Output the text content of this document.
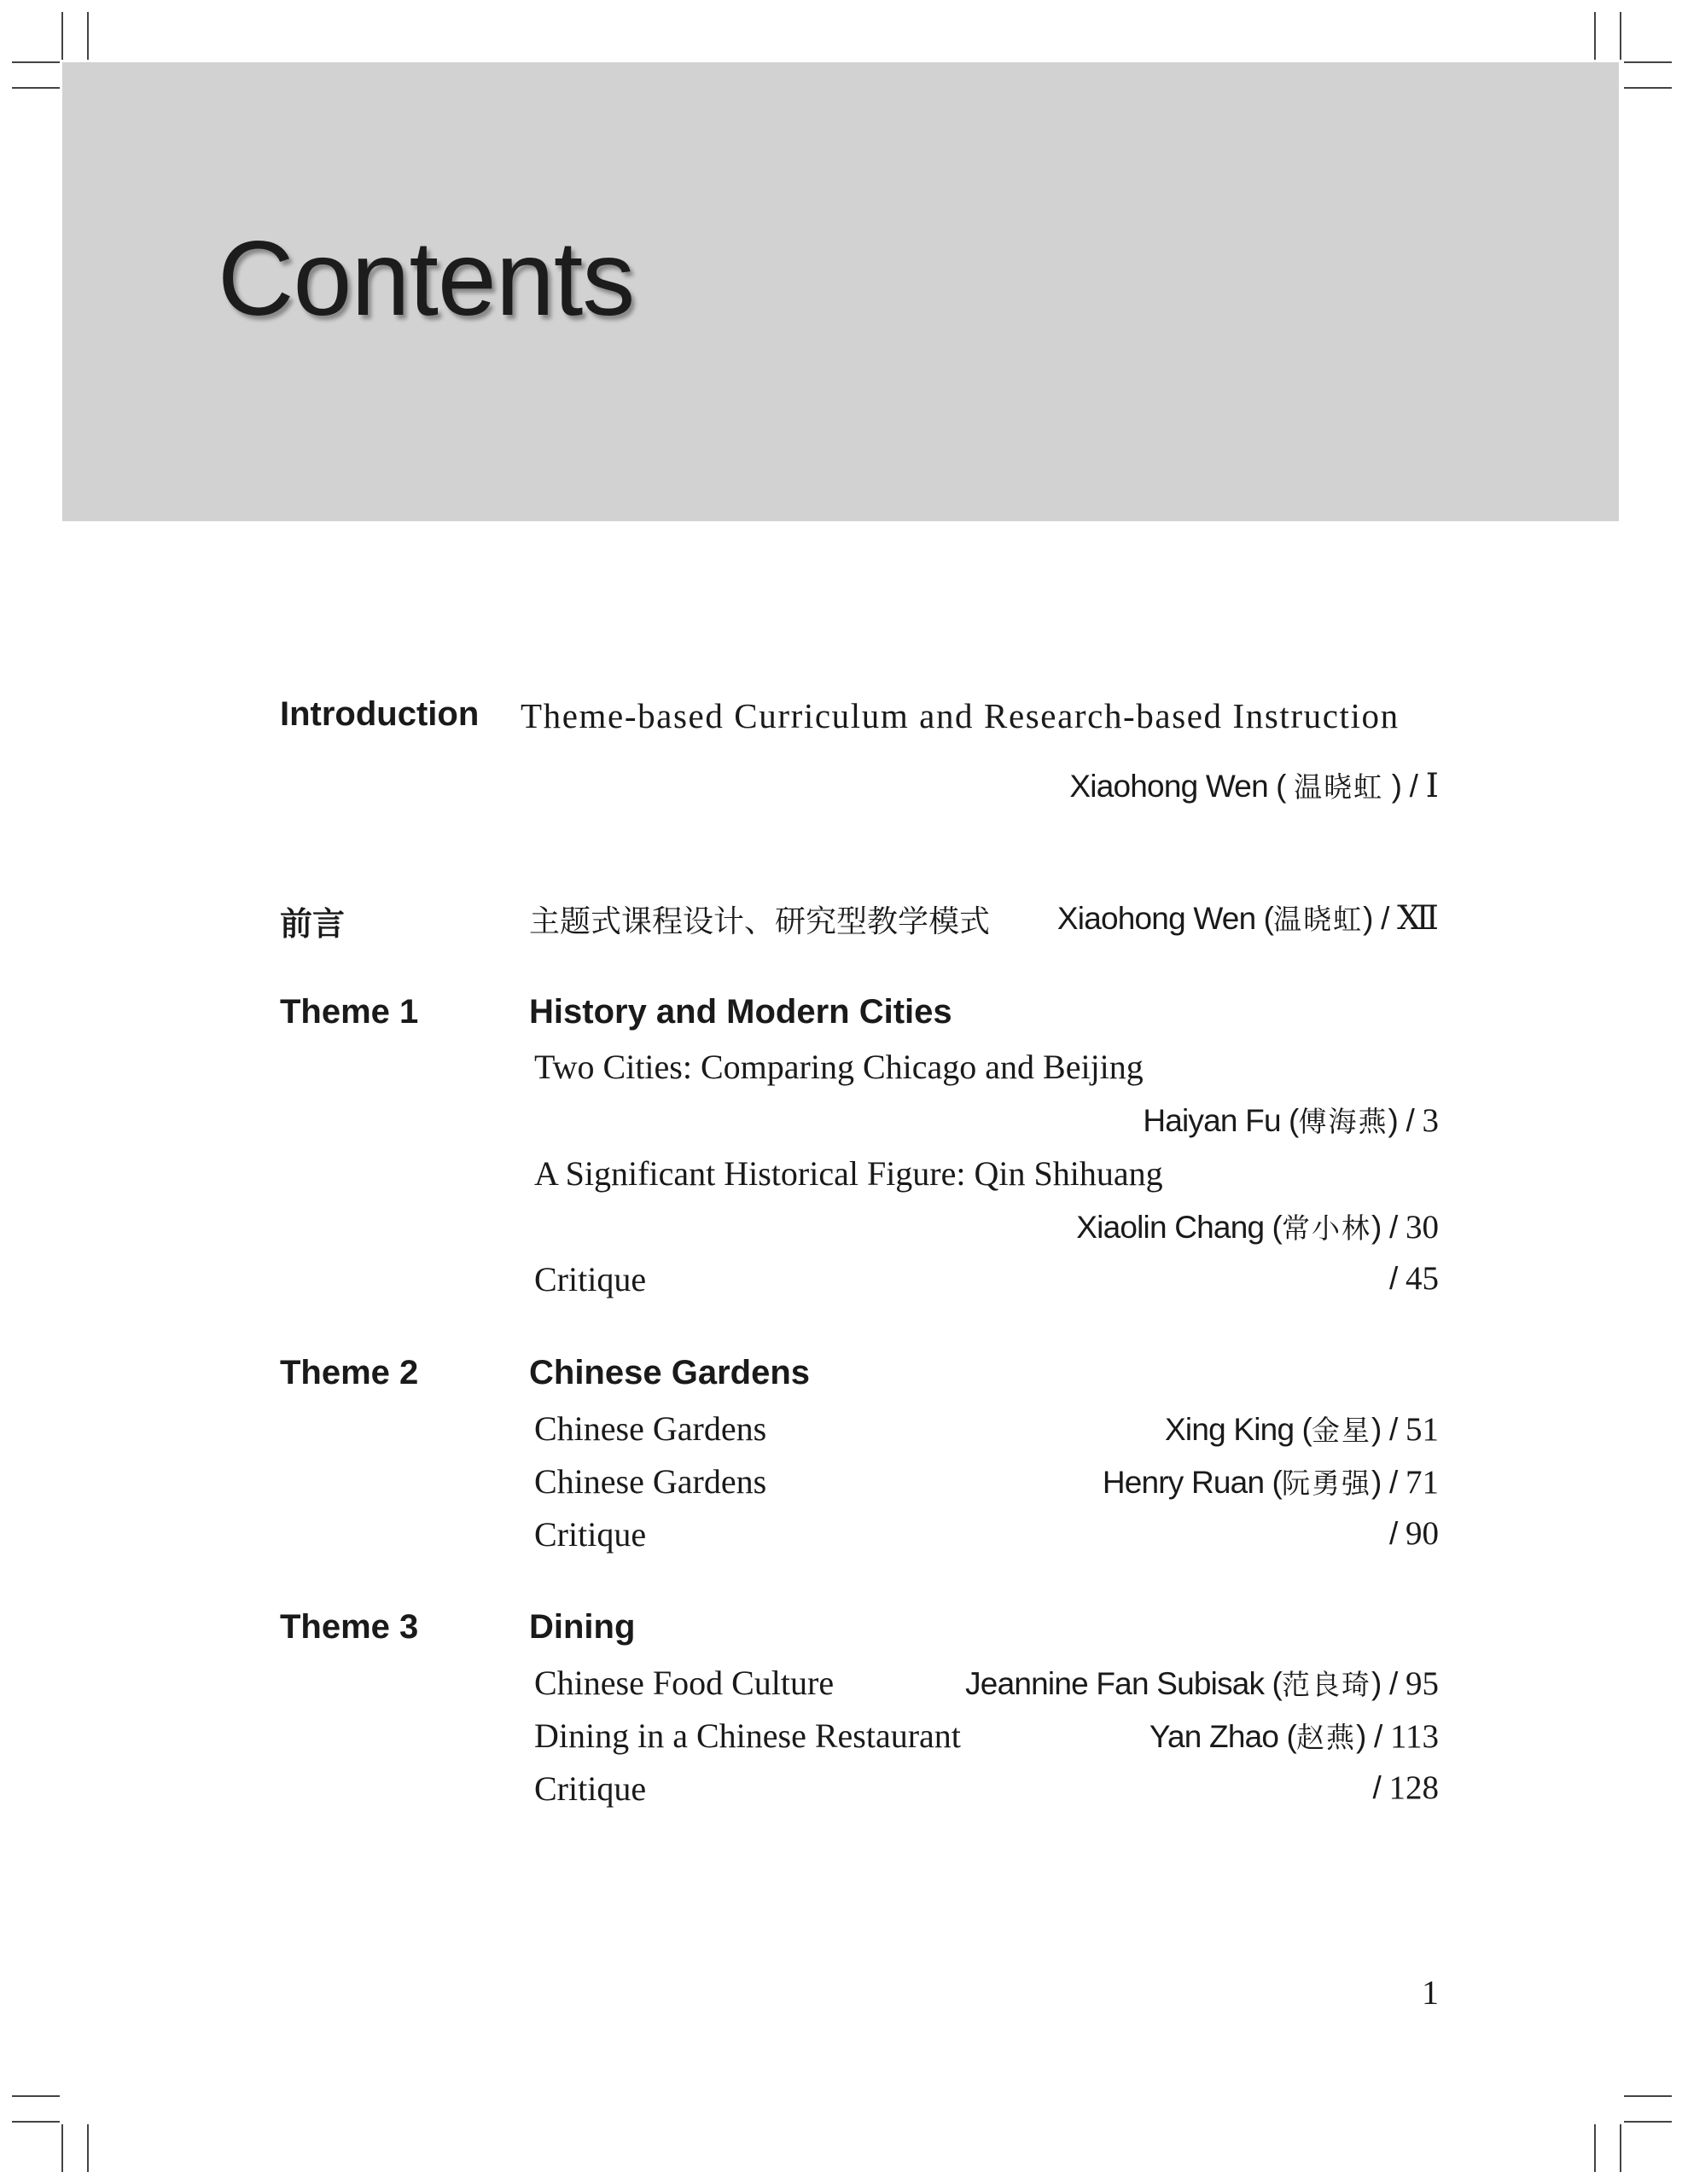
Contents
Introduction Theme-based Curriculum and Research-based Instruction
Xiaohong Wen ( 温晓虹 ) / Ⅰ
前言	主题式课程设计、研究型教学模式 Xiaohong Wen (温晓虹) / Ⅻ
Theme 1	History and Modern Cities
Two Cities: Comparing Chicago and Beijing
Haiyan Fu (傅海燕) / 3
A Significant Historical Figure: Qin Shihuang
Xiaolin Chang (常小林) / 30
Critique	/ 45
Theme 2	Chinese Gardens
Chinese Gardens	Xing King (金星) / 51
Chinese Gardens	Henry Ruan (阮勇强) / 71
Critique	/ 90
Theme 3	Dining
Chinese Food Culture	Jeannine Fan Subisak (范良琦) / 95
Dining in a Chinese Restaurant	Yan Zhao (赵燕) / 113
Critique	/ 128
1
